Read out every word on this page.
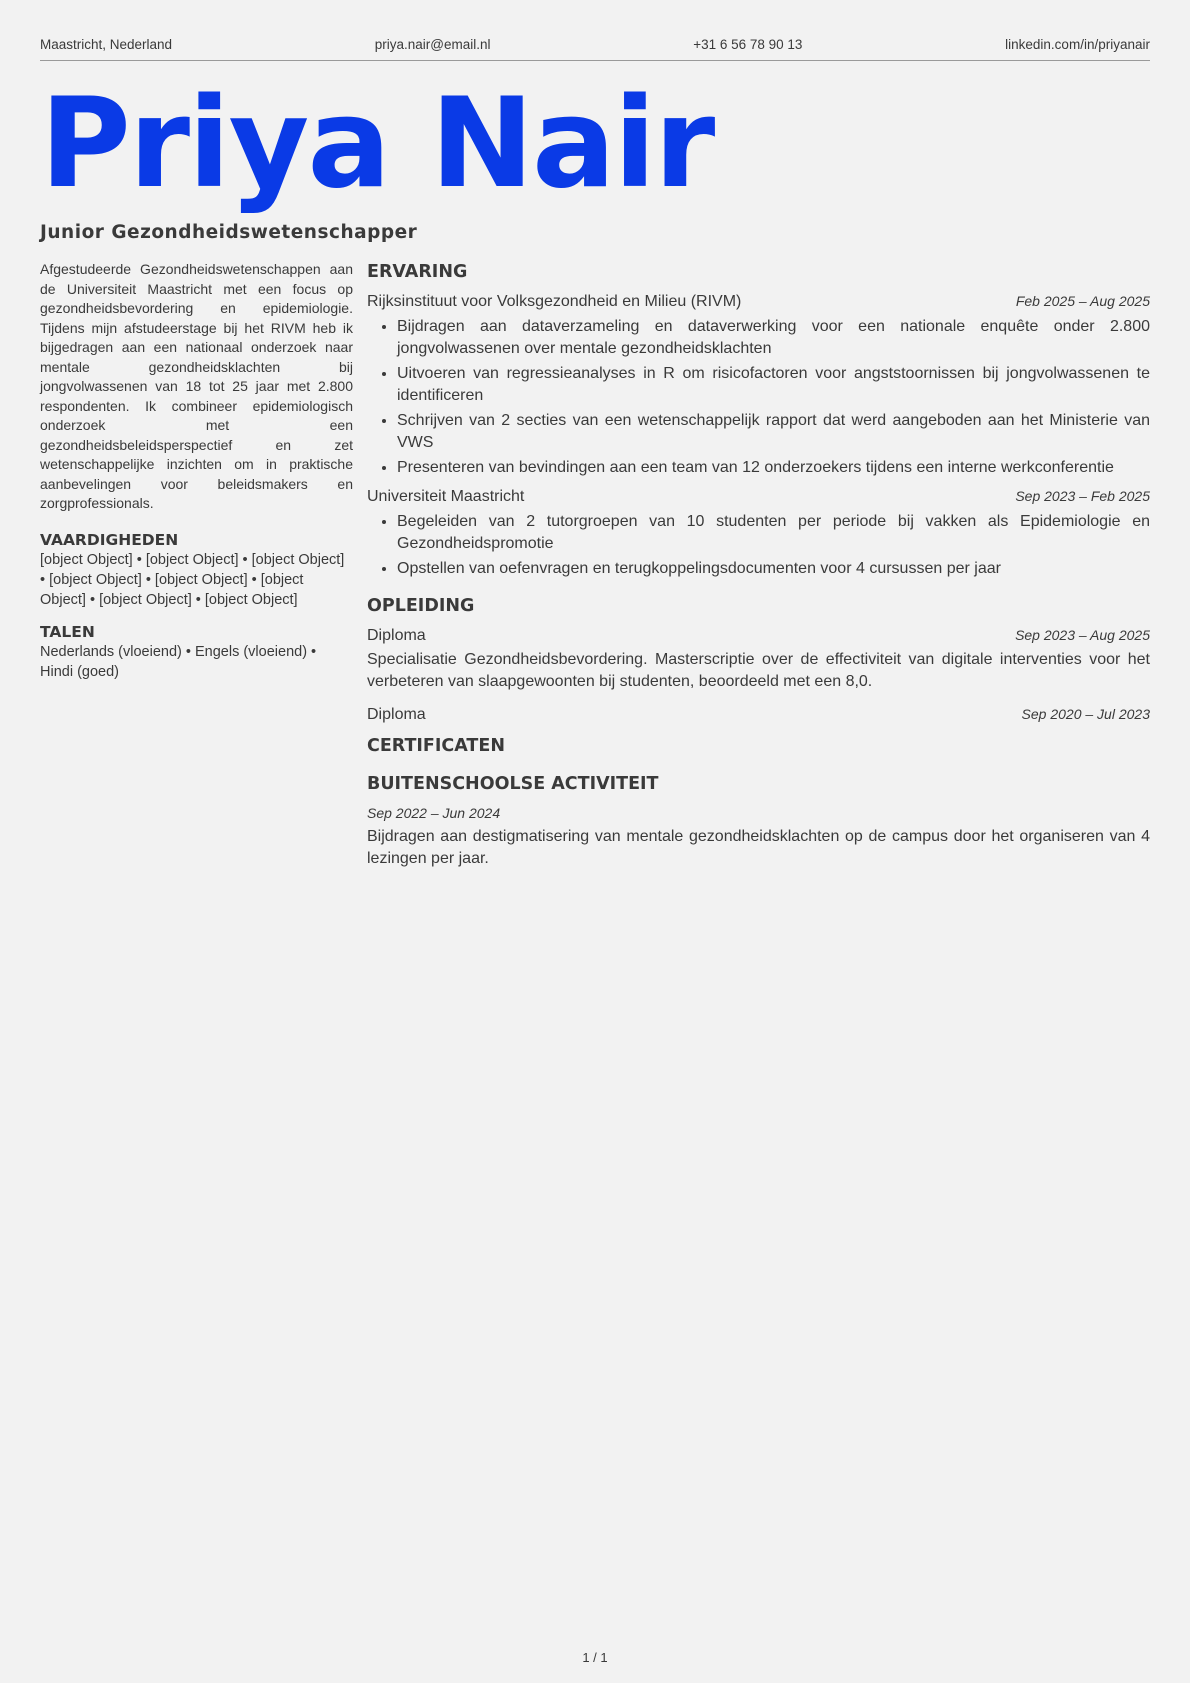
Maastricht, Nederland	priya.nair@email.nl	+31 6 56 78 90 13	linkedin.com/in/priyanair
Priya Nair
Junior Gezondheidswetenschapper

Afgestudeerde Gezondheidswetenschappen aan de Universiteit Maastricht met een focus op gezondheidsbevordering en epidemiologie. Tijdens mijn afstudeerstage bij het RIVM heb ik bijgedragen aan een nationaal onderzoek naar mentale gezondheidsklachten bij jongvolwassenen van 18 tot 25 jaar met 2.800 respondenten. Ik combineer epidemiologisch onderzoek met een gezondheidsbeleidsperspectief en zet wetenschappelijke inzichten om in praktische aanbevelingen voor beleidsmakers en zorgprofessionals.

VAARDIGHEDEN

[object Object] • [object Object] • [object Object] • [object Object] • [object Object] • [object Object] • [object Object] • [object Object]

TALEN

Nederlands (vloeiend) • Engels (vloeiend) • Hindi (goed)

ERVARING
Rijksinstituut voor Volksgezondheid en Milieu (RIVM)	Feb 2025 – Aug 2025
• Bijdragen aan dataverzameling en dataverwerking voor een nationale enquête onder 2.800 jongvolwassenen over mentale gezondheidsklachten
• Uitvoeren van regressieanalyses in R om risicofactoren voor angststoornissen bij jongvolwassenen te identificeren
• Schrijven van 2 secties van een wetenschappelijk rapport dat werd aangeboden aan het Ministerie van VWS
• Presenteren van bevindingen aan een team van 12 onderzoekers tijdens een interne werkconferentie
Universiteit Maastricht	Sep 2023 – Feb 2025
• Begeleiden van 2 tutorgroepen van 10 studenten per periode bij vakken als Epidemiologie en Gezondheidspromotie
• Opstellen van oefenvragen en terugkoppelingsdocumenten voor 4 cursussen per jaar
OPLEIDING
Diploma	Sep 2023 – Aug 2025

Specialisatie Gezondheidsbevordering. Masterscriptie over de effectiviteit van digitale interventies voor het verbeteren van slaapgewoonten bij studenten, beoordeeld met een 8,0.

Diploma	Sep 2020 – Jul 2023
CERTIFICATEN
BUITENSCHOOLSE ACTIVITEIT
Sep 2022 – Jun 2024

Bijdragen aan destigmatisering van mentale gezondheidsklachten op de campus door het organiseren van 4 lezingen per jaar.

1 / 1
